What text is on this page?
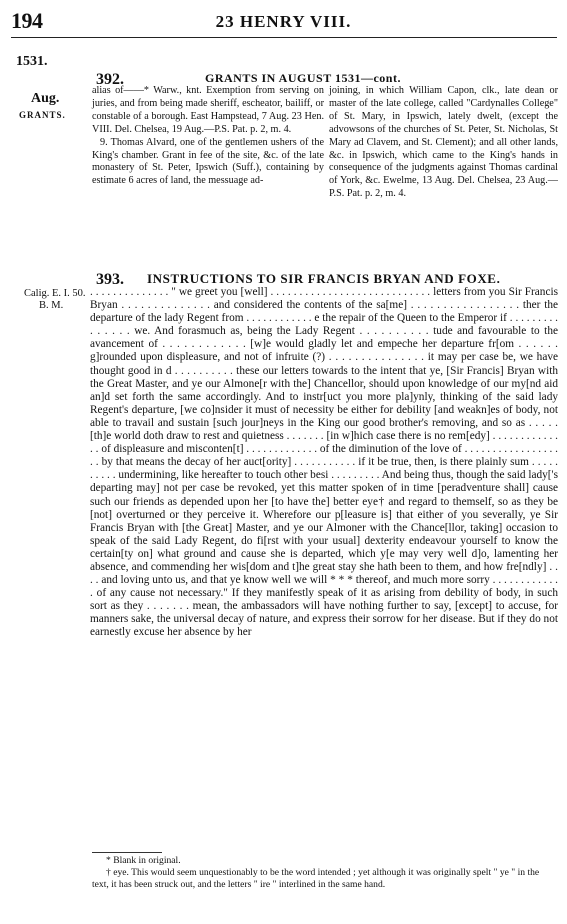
194	23 HENRY VIII.
1531.
Aug.
GRANTS.
392.	GRANTS IN AUGUST 1531—cont.

alias of——* Warw., knt. Exemption from serving on juries, and from being made sheriff, escheator, bailiff, or constable of a borough. East Hampstead, 7 Aug. 23 Hen. VIII. Del. Chelsea, 19 Aug.—P.S. Pat. p. 2, m. 4.

9. Thomas Alvard, one of the gentlemen ushers of the King's chamber. Grant in fee of the site, &c. of the late monastery of St. Peter, Ipswich (Suff.), containing by estimate 6 acres of land, the messuage ad-

joining, in which William Capon, clk., late dean or master of the late college, called "Cardynalles College" of St. Mary, in Ipswich, lately dwelt, (except the advowsons of the churches of St. Peter, St. Nicholas, St Mary ad Clavem, and St. Clement); and all other lands, &c. in Ipswich, which came to the King's hands in consequence of the judgments against Thomas cardinal of York, &c. Ewelme, 13 Aug. Del. Chelsea, 23 Aug.—P.S. Pat. p. 2, m. 4.

393. INSTRUCTIONS TO SIR FRANCIS BRYAN AND FOXE.
Calig. E. I. 50.
B. M.
. . . . . . . . . . . . . . " we greet you [well] . . . . . . . . . . . . . . . . . . . . . . . . . . . . letters from you Sir Francis Bryan . . . . . . . . . . . . . . and considered the contents of the sa[me] . . . . . . . . . . . . . . . . . ther the departure of the lady Regent from . . . . . . . . . . . . e the repair of the Queen to the Emperor if . . . . . . . . . . . . . . . we. And forasmuch as, being the Lady Regent . . . . . . . . . . tude and favourable to the avancement of . . . . . . . . . . . . [w]e would gladly let and empeche her departure fr[om . . . . . . g]rounded upon displeasure, and not of infruite (?) . . . . . . . . . . . . . . . it may per case be, we have thought good in d . . . . . . . . . . these our letters towards to the intent that ye, [Sir Francis] Bryan with the Great Master, and ye our Almone[r with the] Chancellor, should upon knowledge of our my[nd aid an]d set forth the same accordingly. And to instr[uct you more pla]ynly, thinking of the said lady Regent's departure, [we co]nsider it must of necessity be either for debility [and weakn]es of body, not able to travail and sustain [such jour]neys in the King our good brother's removing, and so as . . . . . [th]e world doth draw to rest and quietness . . . . . . . [in w]hich case there is no rem[edy] . . . . . . . . . . . . . . of displeasure and misconten[t] . . . . . . . . . . . . . of the diminution of the love of . . . . . . . . . . . . . . . . . . . by that means the decay of her auct[ority] . . . . . . . . . . . if it be true, then, is there plainly sum . . . . . . . . . . undermining, like hereafter to touch other besi . . . . . . . . . And being thus, though the said lady['s departing may] not per case be revoked, yet this matter spoken of in time [peradventure shall] cause such our friends as depended upon her [to have the] better eye† and regard to themself, so as they be [not] overturned or they perceive it. Wherefore our p[leasure is] that either of you severally, ye Sir Francis Bryan with [the Great] Master, and ye our Almoner with the Chance[llor, taking] occasion to speak of the said Lady Regent, do fi[rst with your usual] dexterity endeavour yourself to know the certain[ty on] what ground and cause she is departed, which y[e may very well d]o, lamenting her absence, and commending her wis[dom and t]he great stay she hath been to them, and how fre[ndly] . . . . and loving unto us, and that ye know well we will * * * thereof, and much more sorry . . . . . . . . . . . . . of any cause not necessary." If they manifestly speak of it as arising from debility of body, in such sort as they . . . . . . . mean, the ambassadors will have nothing further to say, [except] to accuse, for manners sake, the universal decay of nature, and express their sorrow for her disease. But if they do not earnestly excuse her absence by her
* Blank in original.
† eye. This would seem unquestionably to be the word intended ; yet although it was originally spelt " ye " in the text, it has been struck out, and the letters " ire " interlined in the same hand.
